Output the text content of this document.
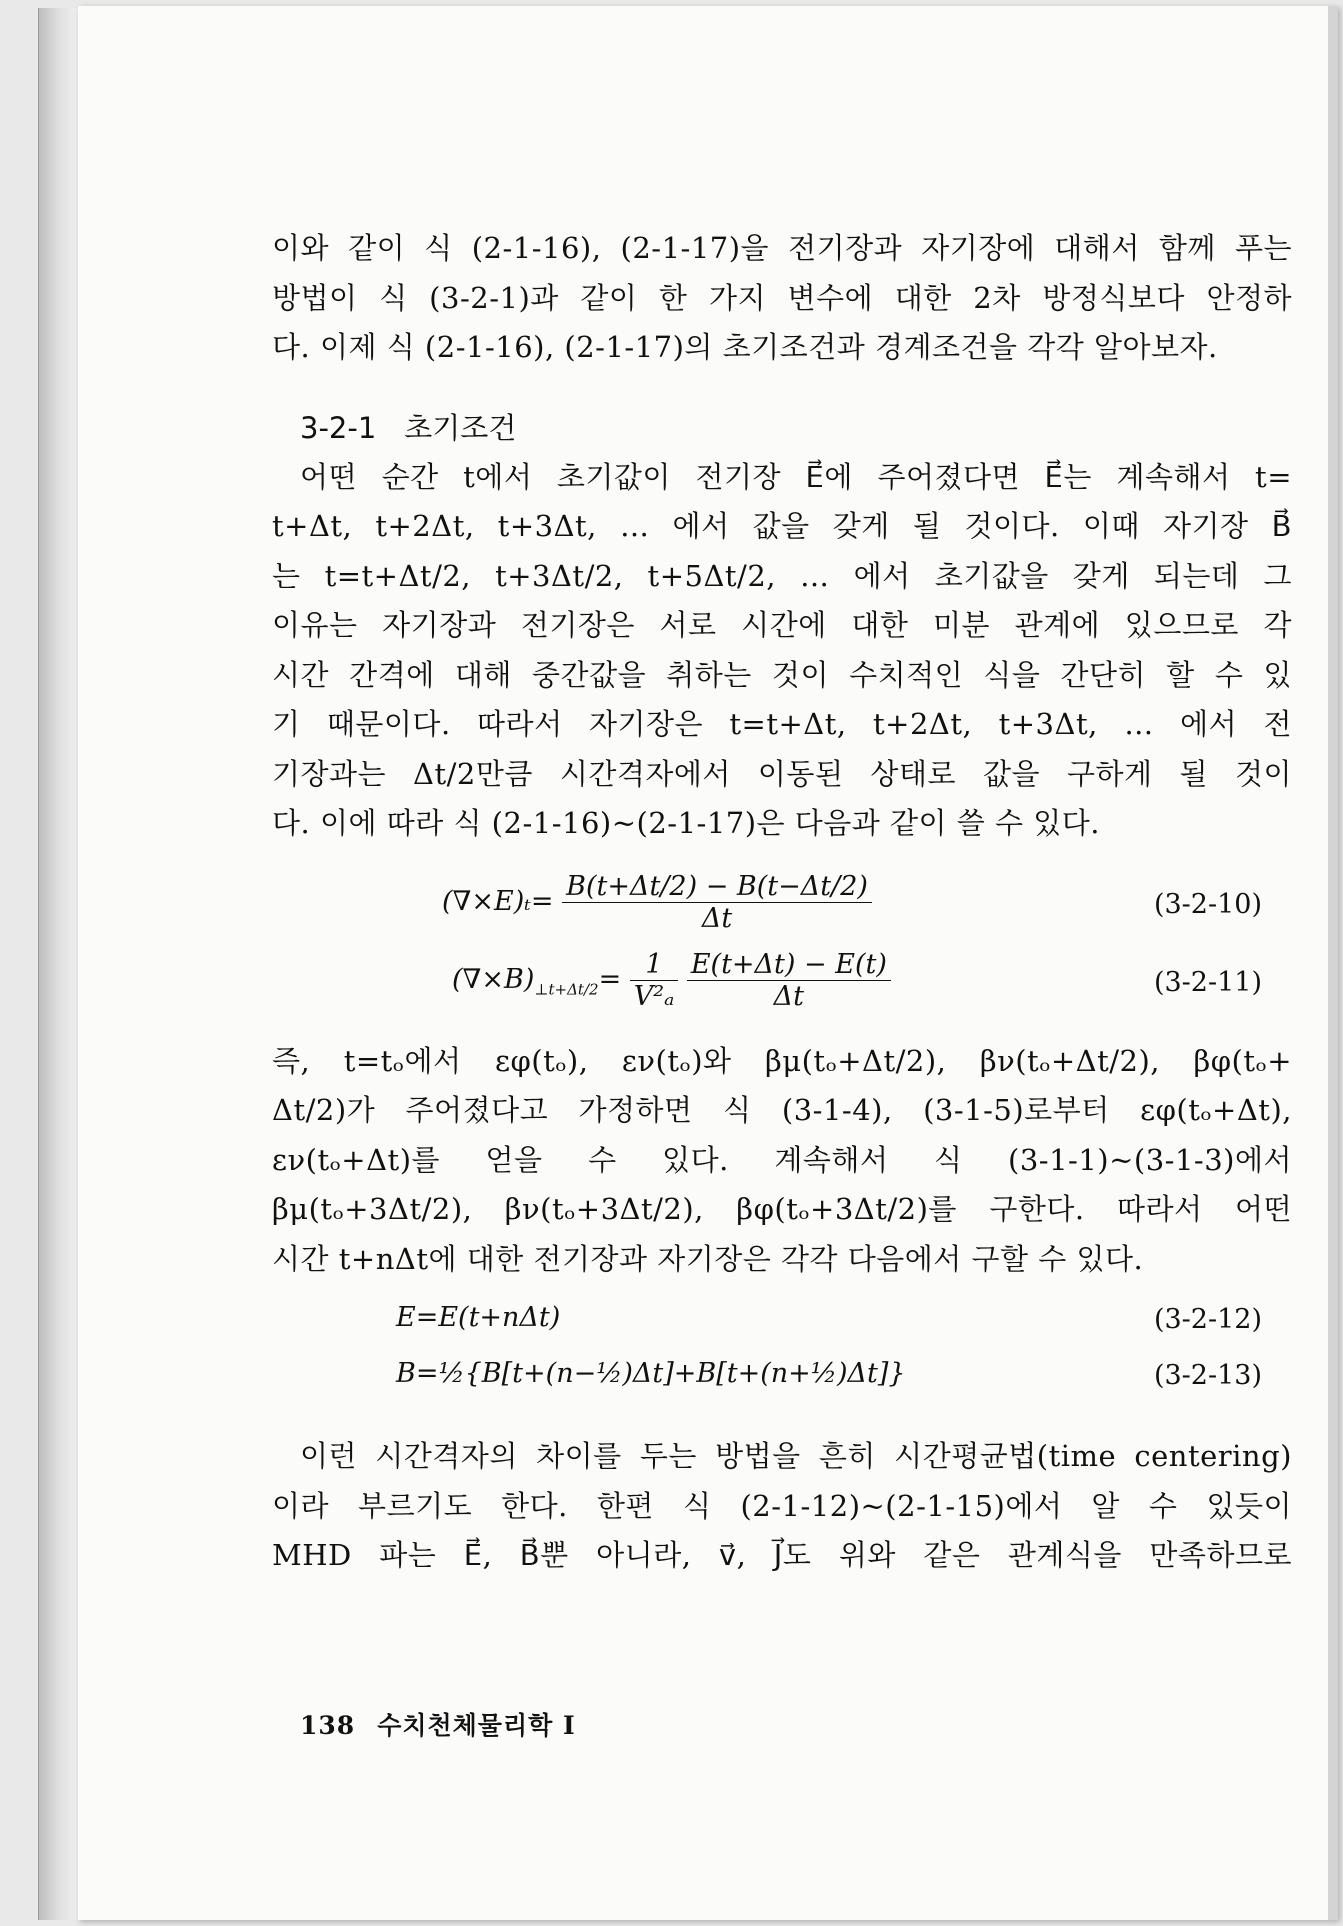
이와 같이 식 (2-1-16), (2-1-17)을 전기장과 자기장에 대해서 함께 푸는

방법이 식 (3-2-1)과 같이 한 가지 변수에 대한 2차 방정식보다 안정하

다. 이제 식 (2-1-16), (2-1-17)의 초기조건과 경계조건을 각각 알아보자.

3-2-1 초기조건

어떤 순간 t에서 초기값이 전기장 E⃗에 주어졌다면 E⃗는 계속해서 t=

t+Δt, t+2Δt, t+3Δt, … 에서 값을 갖게 될 것이다. 이때 자기장 B⃗

는 t=t+Δt/2, t+3Δt/2, t+5Δt/2, … 에서 초기값을 갖게 되는데 그

이유는 자기장과 전기장은 서로 시간에 대한 미분 관계에 있으므로 각

시간 간격에 대해 중간값을 취하는 것이 수치적인 식을 간단히 할 수 있

기 때문이다. 따라서 자기장은 t=t+Δt, t+2Δt, t+3Δt, … 에서 전

기장과는 Δt/2만큼 시간격자에서 이동된 상태로 값을 구하게 될 것이

다. 이에 따라 식 (2-1-16)~(2-1-17)은 다음과 같이 쓸 수 있다.

$(\nabla\times E)_t= \frac{B(t+\Delta t/2) - B(t-\Delta t/2)}{\Delta t}$	(3-2-10)
$(\nabla\times B)_{\perp t+\Delta t/2}= \frac{1}{\text{V²ₐ}}$
$\frac{E(t+\Delta t) - E(t)}{\Delta t}$	(3-2-11)

즉, t=tₒ에서 εφ(tₒ), εν(tₒ)와 βμ(tₒ+Δt/2), βν(tₒ+Δt/2), βφ(tₒ+

Δt/2)가 주어졌다고 가정하면 식 (3-1-4), (3-1-5)로부터 εφ(tₒ+Δt),

εν(tₒ+Δt)를 얻을 수 있다. 계속해서 식 (3-1-1)~(3-1-3)에서

βμ(tₒ+3Δt/2), βν(tₒ+3Δt/2), βφ(tₒ+3Δt/2)를 구한다. 따라서 어떤

시간 t+nΔt에 대한 전기장과 자기장은 각각 다음에서 구할 수 있다.

E=E(t+nΔt)	(3-2-12)
B=½{B[t+(n−½)Δt]+B[t+(n+½)Δt]}	(3-2-13)

이런 시간격자의 차이를 두는 방법을 흔히 시간평균법(time centering)

이라 부르기도 한다. 한편 식 (2-1-12)~(2-1-15)에서 알 수 있듯이

MHD 파는 E⃗, B⃗뿐 아니라, v⃗, J⃗도 위와 같은 관계식을 만족하므로

138 수치천체물리학 Ⅰ
